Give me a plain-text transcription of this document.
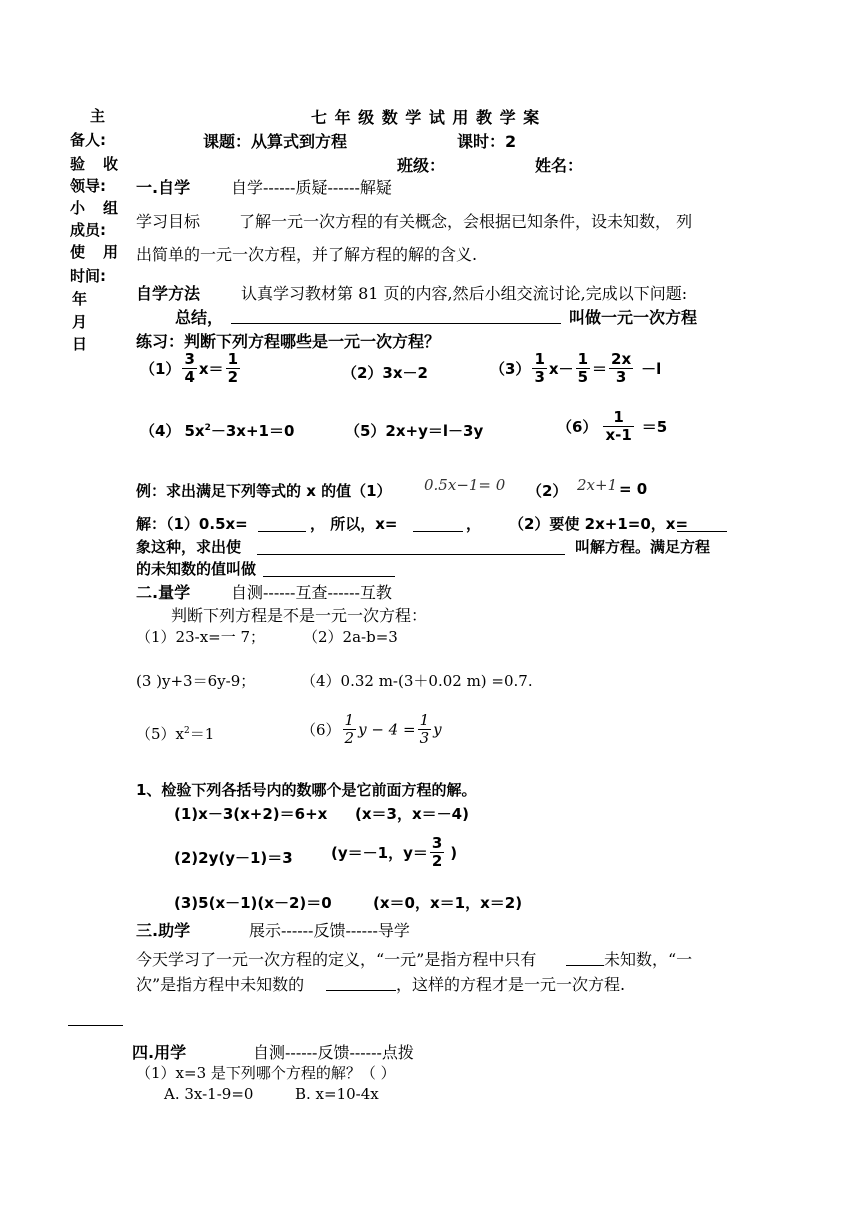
主
备人:
验 收
领导:
小 组
成员:
使 用
时间:
年
月
日
七 年 级 数 学 试 用 教 学 案
课题：从算式到方程	课时：2
班级：	姓名：
一.自学	自学------质疑------解疑
学习目标 了解一元一次方程的有关概念，会根据已知条件，设未知数， 列
出简单的一元一次方程，并了解方程的解的含义.
自学方法	认真学习教材第 81 页的内容,然后小组交流讨论,完成以下问题:
总结，	叫做一元一次方程
练习：判断下列方程哪些是一元一次方程？
$(1) \frac{3}{4} x= \frac{1}{2}$	（2）3x－2	$(3) \frac{1}{3} x- \frac{1}{5} = \frac{2x}{3} -l$
（4） $5x^2-3x+1=0$	（5）2x+y＝l－3y	$(6) \frac{1}{x-1} =5$
例：求出满足下列等式的 x 的值（1） 0.5x−1= 0 （2） 2x+1 = 0
解：（1）0.5x=	， 所以，x=	， （2）要使 2x+1=0，x=
象这种，求出使	叫解方程。满足方程
的未知数的值叫做
二.量学	自测------互查------互教
判断下列方程是不是一元一次方程：
（1）23-x=一 7；	（2）2a-b=3
(3 )y+3＝6y-9；	（4）0.32 m-(3＋0.02 m) =0.7.
$(5)x^2=1$	$(6) \frac{1}{2}$ $y - 4 = \frac{1}{3}$ y
1、检验下列各括号内的数哪个是它前面方程的解。
(1)x－3(x+2)＝6+x (x＝3，x＝－4)
(2)2y(y－1)＝3	(y＝－1，$y= \frac{3}{2}$ )
(3)5(x－1)(x－2)＝0	(x＝0，x＝1，x＝2)
三.助学	展示------反馈------导学
今天学习了一元一次方程的定义，“一元”是指方程中只有	未知数，“一
次”是指方程中未知数的	，这样的方程才是一元一次方程.
四.用学	自测------反馈------点拨
（1）x=3 是下列哪个方程的解？（ ）
A. 3x-1-9=0	B. x=10-4x
